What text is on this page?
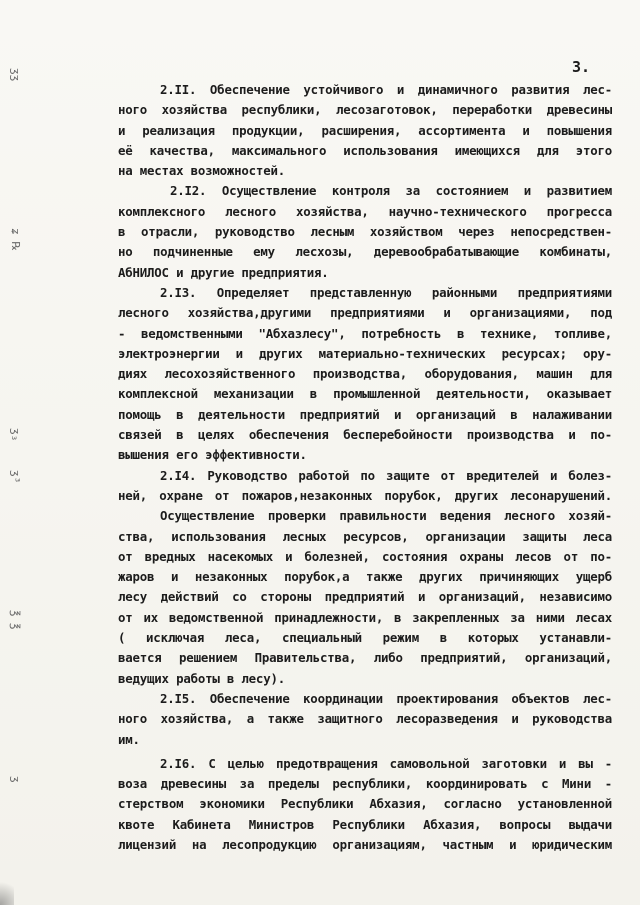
3.
ʒʒ
ʑ ℞
ʒ₃
ʒ³
℥ ℥
ʒ
2.II. Обеспечение устойчивого и динамичного развития лес-
ного хозяйства республики, лесозаготовок, переработки древесины
и реализация продукции, расширения, ассортимента и повышения
её качества, максимального использования имеющихся для этого
на местах возможностей.
2.I2. Осуществление контроля за состоянием и развитием
комплексного лесного хозяйства, научно-технического прогресса
в отрасли, руководство лесным хозяйством через непосредствен-
но подчиненные ему лесхозы, деревообрабатывающие комбинаты,
АбНИЛОС и другие предприятия.
2.I3. Определяет представленную районными предприятиями
лесного хозяйства,другими предприятиями и организациями, под
- ведомственными "Абхазлесу", потребность в технике, топливе,
электроэнергии и других материально-технических ресурсах; ору-
диях лесохозяйственного производства, оборудования, машин для
комплексной механизации в промышленной деятельности, оказывает
помощь в деятельности предприятий и организаций в налаживании
связей в целях обеспечения бесперебойности производства и по-
вышения его эффективности.
2.I4. Руководство работой по защите от вредителей и болез-
ней, охране от пожаров,незаконных порубок, других лесонарушений.
Осуществление проверки правильности ведения лесного хозяй-
ства, использования лесных ресурсов, организации защиты леса
от вредных насекомых и болезней, состояния охраны лесов от по-
жаров и незаконных порубок,а также других причиняющих ущерб
лесу действий со стороны предприятий и организаций, независимо
от их ведомственной принадлежности, в закрепленных за ними лесах
( исключая леса, специальный режим в которых устанавли-
вается решением Правительства, либо предприятий, организаций,
ведущих работы в лесу).
2.I5. Обеспечение координации проектирования объектов лес-
ного хозяйства, а также защитного лесоразведения и руководства
им.
2.I6. С целью предотвращения самовольной заготовки и вы -
воза древесины за пределы республики, координировать с Мини -
стерством экономики Республики Абхазия, согласно установленной
квоте Кабинета Министров Республики Абхазия, вопросы выдачи
лицензий на лесопродукцию организациям, частным и юридическим
